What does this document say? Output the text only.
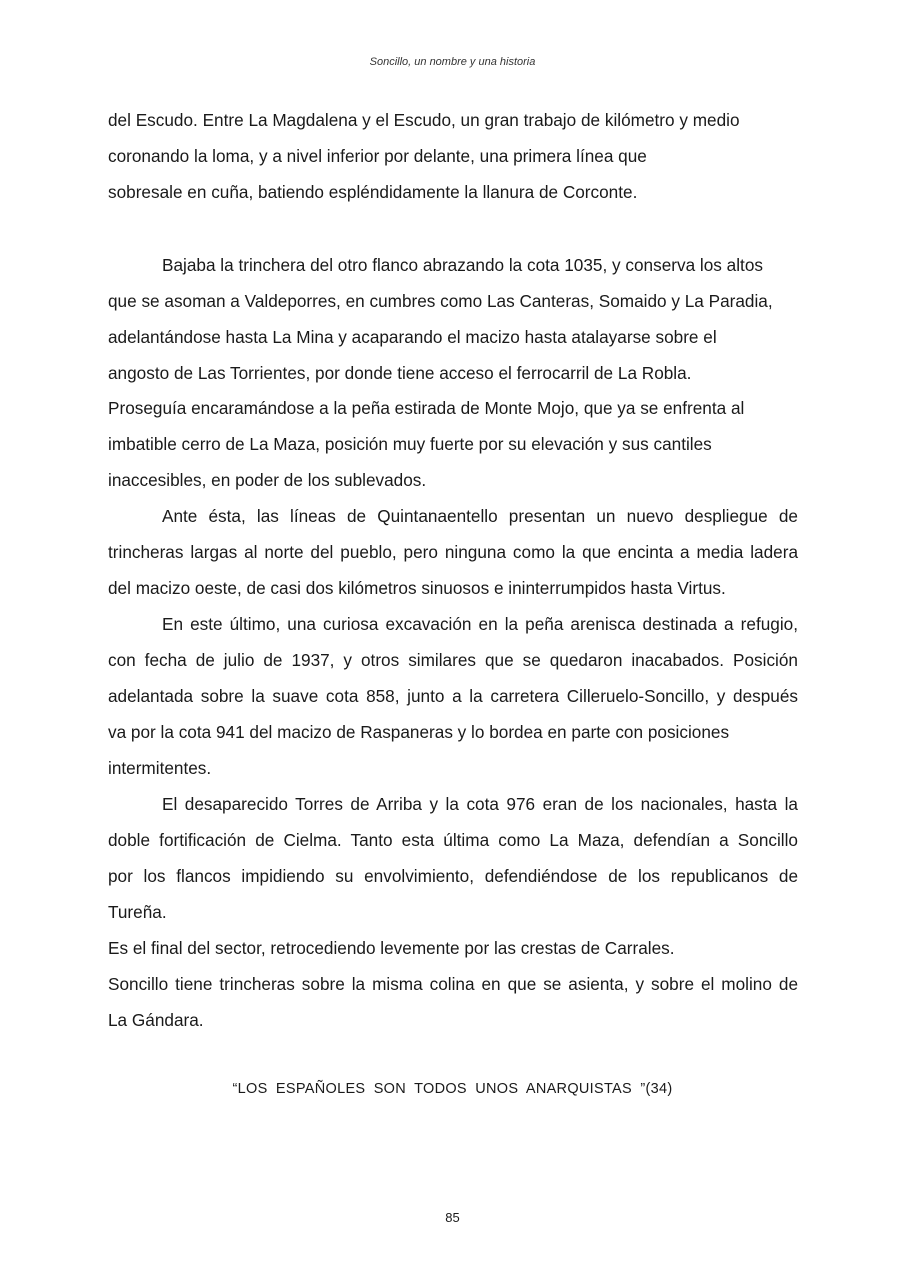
Soncillo, un nombre y una historia
del Escudo. Entre La Magdalena y el Escudo, un gran trabajo de kilómetro y medio
coronando la loma, y a nivel inferior por delante, una primera línea que
sobresale en cuña, batiendo espléndidamente la llanura de Corconte.
Bajaba la trinchera del otro flanco abrazando la cota 1035, y conserva los altos
que se asoman a Valdeporres, en cumbres como Las Canteras, Somaido y La Paradia,
adelantándose hasta La Mina y acaparando el macizo hasta atalayarse sobre el
angosto de Las Torrientes, por donde tiene acceso el ferrocarril de La Robla.
Proseguía encaramándose a la peña estirada de Monte Mojo, que ya se enfrenta al
imbatible cerro de La Maza, posición muy fuerte por su elevación y sus cantiles
inaccesibles, en poder de los sublevados.
Ante ésta, las líneas de Quintanaentello presentan un nuevo despliegue de
trincheras largas al norte del pueblo, pero ninguna como la que encinta a media ladera
del macizo oeste, de casi dos kilómetros sinuosos e ininterrumpidos hasta Virtus.
En este último, una curiosa excavación en la peña arenisca destinada a refugio,
con fecha de julio de 1937, y otros similares que se quedaron inacabados. Posición
adelantada sobre la suave cota 858, junto a la carretera Cilleruelo-Soncillo, y después
va por la cota 941 del macizo de Raspaneras y lo bordea en parte con posiciones
intermitentes.
El desaparecido Torres de Arriba y la cota 976 eran de los nacionales, hasta la
doble fortificación de Cielma. Tanto esta última como La Maza, defendían a Soncillo
por los flancos impidiendo su envolvimiento, defendiéndose de los republicanos de
Tureña.
Es el final del sector, retrocediendo levemente por las crestas de Carrales.
Soncillo tiene trincheras sobre la misma colina en que se asienta, y sobre el molino de
La Gándara.
“LOS ESPAÑOLES SON TODOS UNOS ANARQUISTAS ”(34)
85
